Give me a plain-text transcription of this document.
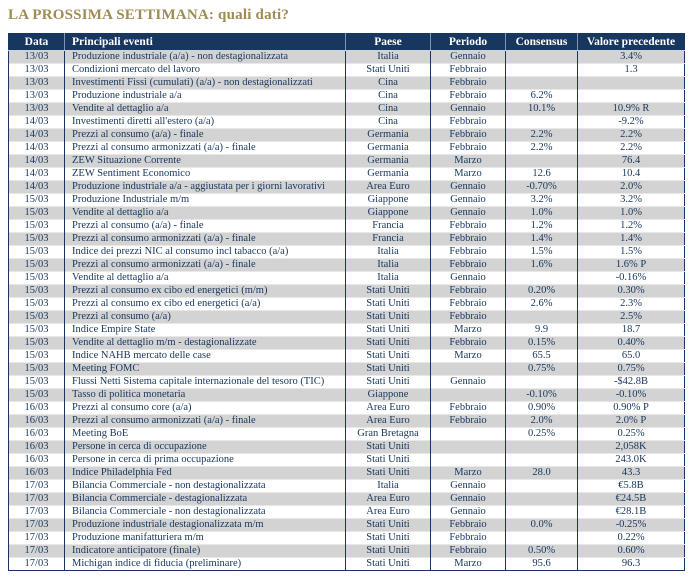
LA PROSSIMA SETTIMANA: quali dati?
Data	Principali eventi	Paese	Periodo	Consensus	Valore precedente
13/03	Produzione industriale (a/a) - non destagionalizzata	Italia	Gennaio		3.4%
13/03	Condizioni mercato del lavoro	Stati Uniti	Febbraio		1.3
13/03	Investimenti Fissi (cumulati) (a/a) - non destagionalizzati	Cina	Febbraio		
13/03	Produzione industriale a/a	Cina	Febbraio	6.2%	
13/03	Vendite al dettaglio a/a	Cina	Gennaio	10.1%	10.9% R
14/03	Investimenti diretti all'estero (a/a)	Cina	Febbraio		-9.2%
14/03	Prezzi al consumo (a/a) - finale	Germania	Febbraio	2.2%	2.2%
14/03	Prezzi al consumo armonizzati (a/a) - finale	Germania	Febbraio	2.2%	2.2%
14/03	ZEW Situazione Corrente	Germania	Marzo		76.4
14/03	ZEW Sentiment Economico	Germania	Marzo	12.6	10.4
14/03	Produzione industriale a/a - aggiustata per i giorni lavorativi	Area Euro	Gennaio	-0.70%	2.0%
15/03	Produzione Industriale m/m	Giappone	Gennaio	3.2%	3.2%
15/03	Vendite al dettaglio a/a	Giappone	Gennaio	1.0%	1.0%
15/03	Prezzi al consumo (a/a) - finale	Francia	Febbraio	1.2%	1.2%
15/03	Prezzi al consumo armonizzati (a/a) - finale	Francia	Febbraio	1.4%	1.4%
15/03	Indice dei prezzi NIC al consumo incl tabacco (a/a)	Italia	Febbraio	1.5%	1.5%
15/03	Prezzi al consumo armonizzati (a/a) - finale	Italia	Febbraio	1.6%	1.6% P
15/03	Vendite al dettaglio a/a	Italia	Gennaio		-0.16%
15/03	Prezzi al consumo ex cibo ed energetici (m/m)	Stati Uniti	Febbraio	0.20%	0.30%
15/03	Prezzi al consumo ex cibo ed energetici (a/a)	Stati Uniti	Febbraio	2.6%	2.3%
15/03	Prezzi al consumo (a/a)	Stati Uniti	Febbraio		2.5%
15/03	Indice Empire State	Stati Uniti	Marzo	9.9	18.7
15/03	Vendite al dettaglio m/m - destagionalizzate	Stati Uniti	Febbraio	0.15%	0.40%
15/03	Indice NAHB mercato delle case	Stati Uniti	Marzo	65.5	65.0
15/03	Meeting FOMC	Stati Uniti		0.75%	0.75%
15/03	Flussi Netti Sistema capitale internazionale del tesoro (TIC)	Stati Uniti	Gennaio		-$42.8B
15/03	Tasso di politica monetaria	Giappone		-0.10%	-0.10%
16/03	Prezzi al consumo core (a/a)	Area Euro	Febbraio	0.90%	0.90% P
16/03	Prezzi al consumo armonizzati (a/a) - finale	Area Euro	Febbraio	2.0%	2.0% P
16/03	Meeting BoE	Gran Bretagna		0.25%	0.25%
16/03	Persone in cerca di occupazione	Stati Uniti			2,058K
16/03	Persone in cerca di prima occupazione	Stati Uniti			243.0K
16/03	Indice Philadelphia Fed	Stati Uniti	Marzo	28.0	43.3
17/03	Bilancia Commerciale - non destagionalizzata	Italia	Gennaio		€5.8B
17/03	Bilancia Commerciale - destagionalizzata	Area Euro	Gennaio		€24.5B
17/03	Bilancia Commerciale - non destagionalizzata	Area Euro	Gennaio		€28.1B
17/03	Produzione industriale destagionalizzata m/m	Stati Uniti	Febbraio	0.0%	-0.25%
17/03	Produzione manifatturiera m/m	Stati Uniti	Febbraio		0.22%
17/03	Indicatore anticipatore (finale)	Stati Uniti	Febbraio	0.50%	0.60%
17/03	Michigan indice di fiducia (preliminare)	Stati Uniti	Marzo	95.6	96.3
